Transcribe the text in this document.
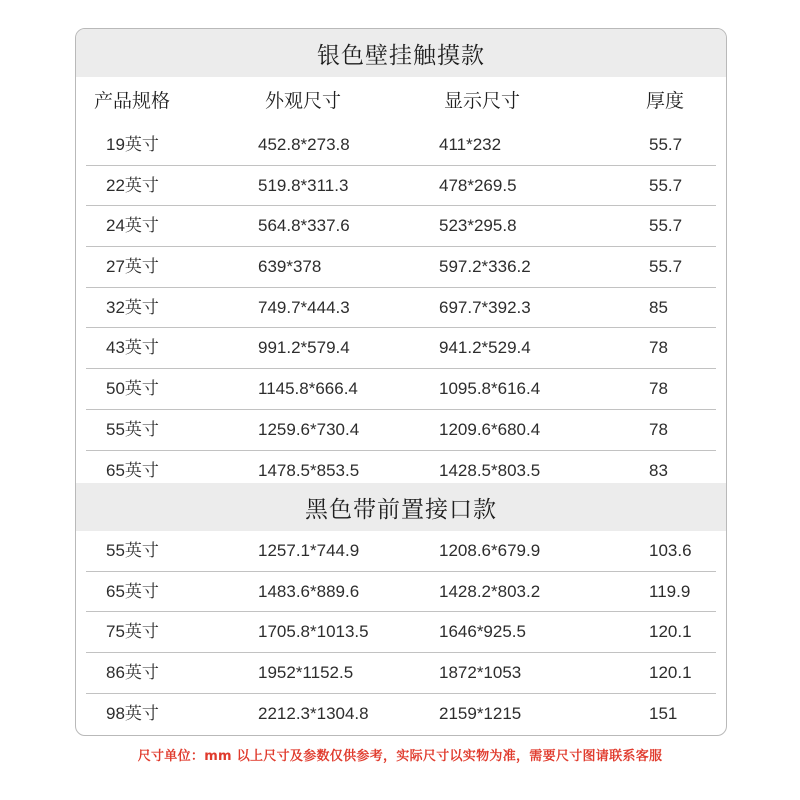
银色壁挂触摸款
产品规格	外观尺寸	显示尺寸	厚度
19英寸	452.8*273.8	411*232	55.7
22英寸	519.8*311.3	478*269.5	55.7
24英寸	564.8*337.6	523*295.8	55.7
27英寸	639*378	597.2*336.2	55.7
32英寸	749.7*444.3	697.7*392.3	85
43英寸	991.2*579.4	941.2*529.4	78
50英寸	1145.8*666.4	1095.8*616.4	78
55英寸	1259.6*730.4	1209.6*680.4	78
65英寸	1478.5*853.5	1428.5*803.5	83
黑色带前置接口款
55英寸	1257.1*744.9	1208.6*679.9	103.6
65英寸	1483.6*889.6	1428.2*803.2	119.9
75英寸	1705.8*1013.5	1646*925.5	120.1
86英寸	1952*1152.5	1872*1053	120.1
98英寸	2212.3*1304.8	2159*1215	151
尺寸单位：mm 以上尺寸及参数仅供参考，实际尺寸以实物为准，需要尺寸图请联系客服
